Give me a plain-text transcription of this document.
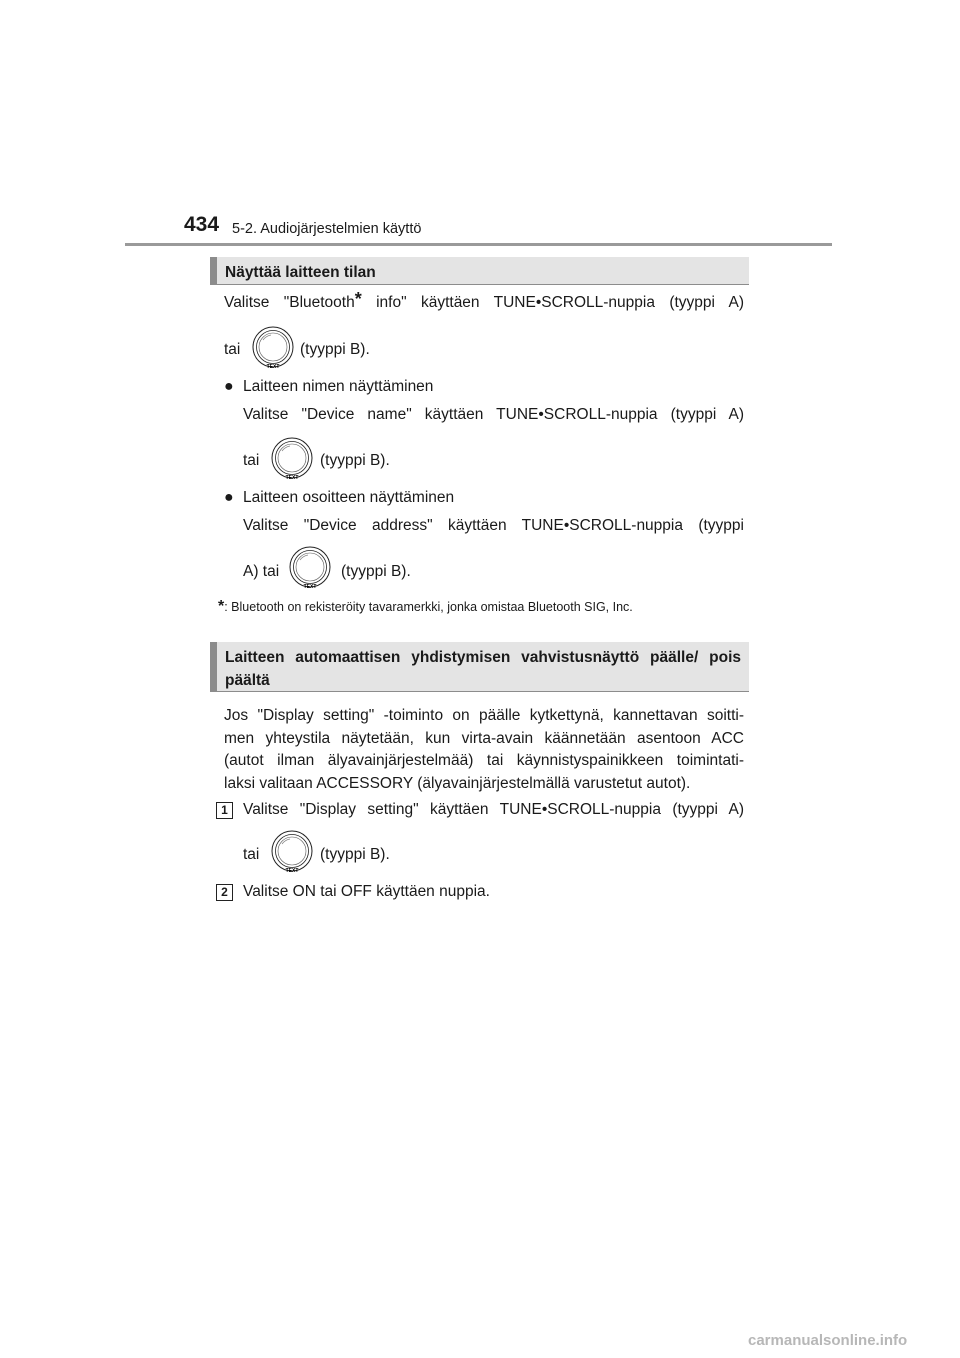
434 5-2. Audiojärjestelmien käyttö
Näyttää laitteen tilan
Valitse "Bluetooth* info" käyttäen TUNE•SCROLL-nuppia (tyyppi A)
tai
TEXT
(tyyppi B).
● Laitteen nimen näyttäminen
Valitse "Device name" käyttäen TUNE•SCROLL-nuppia (tyyppi A)
tai
TEXT
(tyyppi B).
● Laitteen osoitteen näyttäminen
Valitse "Device address" käyttäen TUNE•SCROLL-nuppia (tyyppi
A) tai
TEXT
(tyyppi B).
*: Bluetooth on rekisteröity tavaramerkki, jonka omistaa Bluetooth SIG, Inc.
Laitteen automaattisen yhdistymisen vahvistusnäyttö päälle/ pois päältä
Jos "Display setting" -toiminto on päälle kytkettynä, kannettavan soitti-
men yhteystila näytetään, kun virta-avain käännetään asentoon ACC
(autot ilman älyavainjärjestelmää) tai käynnistyspainikkeen toimintati-
laksi valitaan ACCESSORY (älyavainjärjestelmällä varustetut autot).
1 Valitse "Display setting" käyttäen TUNE•SCROLL-nuppia (tyyppi A)
tai
TEXT
(tyyppi B).
2 Valitse ON tai OFF käyttäen nuppia.
carmanualsonline.info
